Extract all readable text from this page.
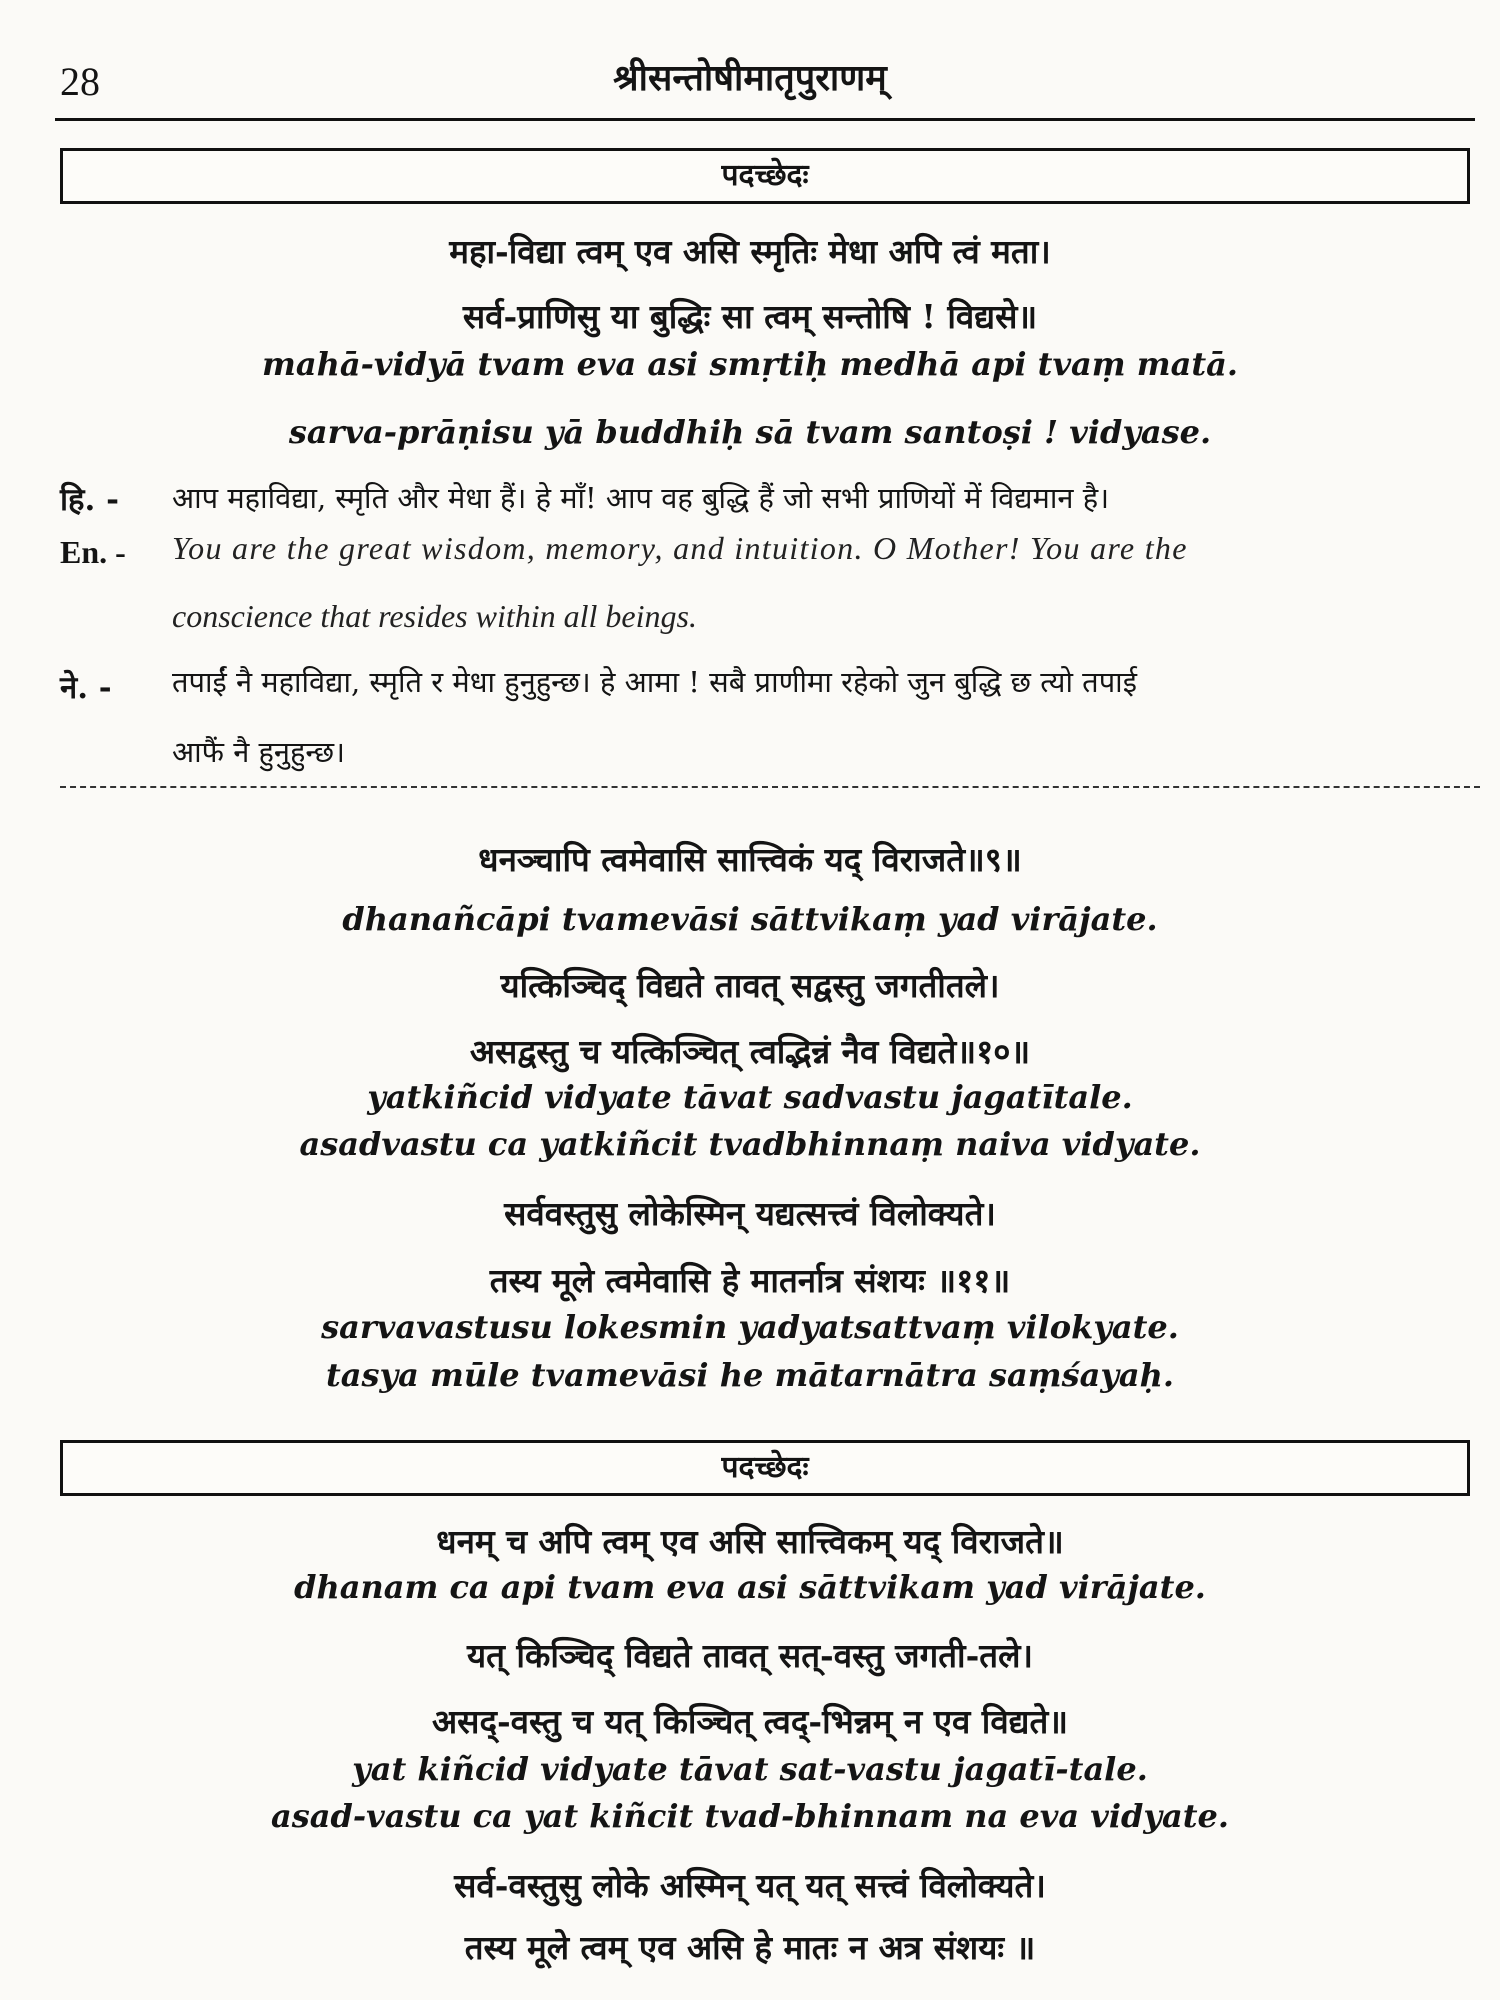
28	श्रीसन्तोषीमातृपुराणम्
पदच्छेदः
महा-विद्या त्वम् एव असि स्मृतिः मेधा अपि त्वं मता।
सर्व-प्राणिसु या बुद्धिः सा त्वम् सन्तोषि ! विद्यसे॥
mahā-vidyā tvam eva asi smṛtiḥ medhā api tvaṃ matā.
sarva-prāṇisu yā buddhiḥ sā tvam santoṣi ! vidyase.
हि. - आप महाविद्या, स्मृति और मेधा हैं। हे माँ! आप वह बुद्धि हैं जो सभी प्राणियों में विद्यमान है।
En. - You are the great wisdom, memory, and intuition. O Mother! You are the
conscience that resides within all beings.
ने. - तपाईं नै महाविद्या, स्मृति र मेधा हुनुहुन्छ। हे आमा ! सबै प्राणीमा रहेको जुन बुद्धि छ त्यो तपाई
आफैं नै हुनुहुन्छ।
धनञ्चापि त्वमेवासि सात्त्विकं यद् विराजते॥९॥
dhanañcāpi tvamevāsi sāttvikaṃ yad virājate.
यत्किञ्चिद् विद्यते तावत् सद्वस्तु जगतीतले।
असद्वस्तु च यत्किञ्चित् त्वद्भिन्नं नैव विद्यते॥१०॥
yatkiñcid vidyate tāvat sadvastu jagatītale.
asadvastu ca yatkiñcit tvadbhinnaṃ naiva vidyate.
सर्ववस्तुसु लोकेस्मिन् यद्यत्सत्त्वं विलोक्यते।
तस्य मूले त्वमेवासि हे मातर्नात्र संशयः ॥११॥
sarvavastusu lokesmin yadyatsattvaṃ vilokyate.
tasya mūle tvamevāsi he mātarnātra saṃśayaḥ.
पदच्छेदः
धनम् च अपि त्वम् एव असि सात्त्विकम् यद् विराजते॥
dhanam ca api tvam eva asi sāttvikam yad virājate.
यत् किञ्चिद् विद्यते तावत् सत्-वस्तु जगती-तले।
असद्-वस्तु च यत् किञ्चित् त्वद्-भिन्नम् न एव विद्यते॥
yat kiñcid vidyate tāvat sat-vastu jagatī-tale.
asad-vastu ca yat kiñcit tvad-bhinnam na eva vidyate.
सर्व-वस्तुसु लोके अस्मिन् यत् यत् सत्त्वं विलोक्यते।
तस्य मूले त्वम् एव असि हे मातः न अत्र संशयः ॥
